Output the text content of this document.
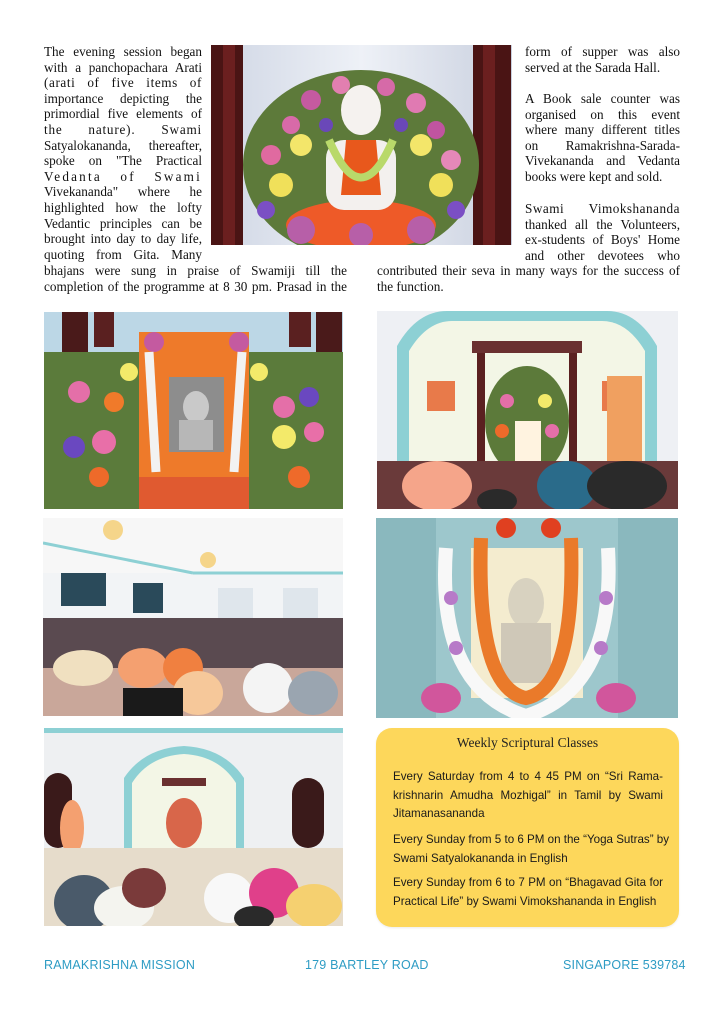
The evening session began
with a panchopachara Arati
(arati of five items of
importance depicting the
primordial five elements of
the nature). Swami
Satyalokananda, thereafter,
spoke on "The Practical
Vedanta of Swami
Vivekananda" where he
highlighted how the lofty
Vedantic principles can be
brought into day to day life,
quoting from Gita. Many
bhajans were sung in praise of Swamiji till the
completion of the programme at 8 30 pm. Prasad in the
form of supper was also
served at the Sarada Hall.
A Book sale counter was
organised on this event
where many different titles
on Ramakrishna-Sarada-
Vivekananda and Vedanta
books were kept and sold.
Swami Vimokshananda
thanked all the Volunteers,
ex-students of Boys' Home
and other devotees who
contributed their seva in many ways for the success of
the function.
Weekly Scriptural Classes
Every Saturday from 4 to 4 45 PM on “Sri Rama-
krishnarin Amudha Mozhigal” in Tamil by Swami
Jitamanasananda
Every Sunday from 5 to 6 PM on the “Yoga Sutras” by
Swami Satyalokananda in English
Every Sunday from 6 to 7 PM on “Bhagavad Gita for
Practical Life” by Swami Vimokshananda in English
RAMAKRISHNA MISSION	179 BARTLEY ROAD	SINGAPORE 539784
